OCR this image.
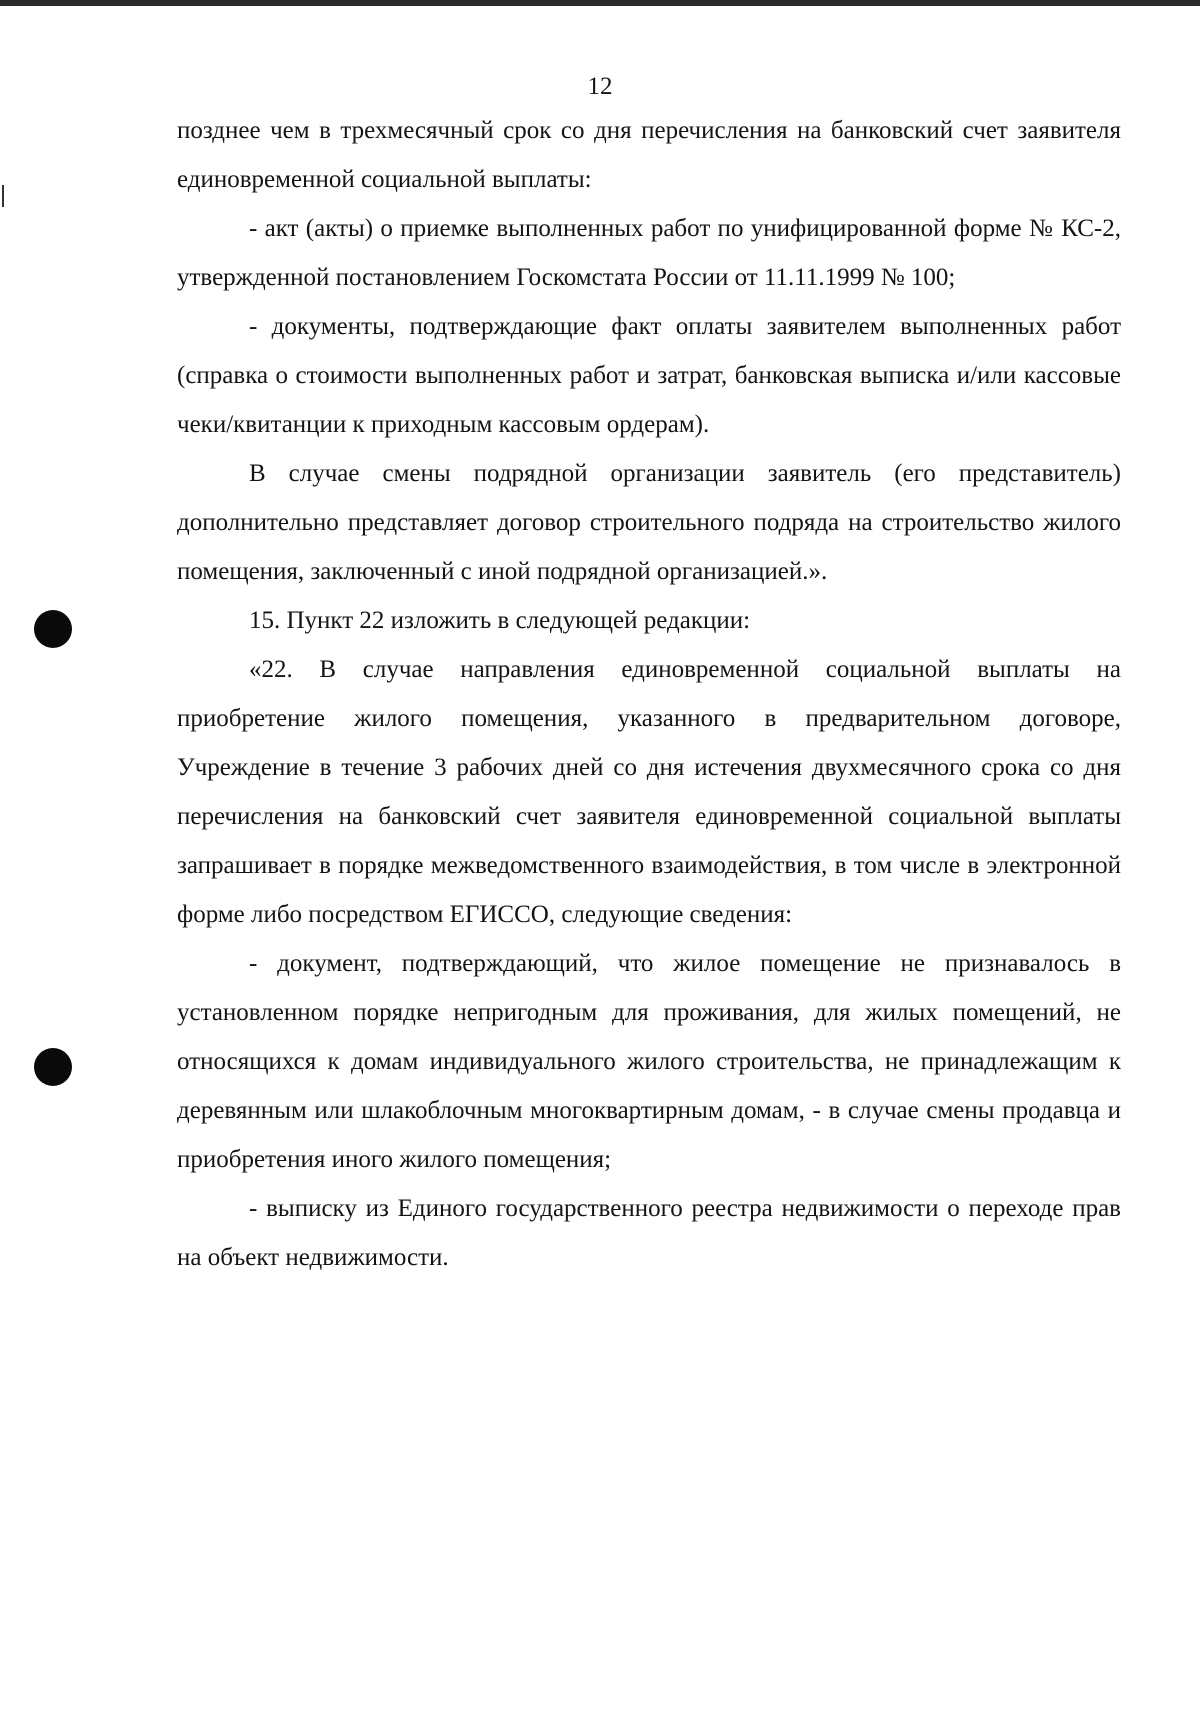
12

позднее чем в трехмесячный срок со дня перечисления на банковский счет заявителя единовременной социальной выплаты:

- акт (акты) о приемке выполненных работ по унифицированной форме № КС-2, утвержденной постановлением Госкомстата России от 11.11.1999 № 100;

- документы, подтверждающие факт оплаты заявителем выполненных работ (справка о стоимости выполненных работ и затрат, банковская выписка и/или кассовые чеки/квитанции к приходным кассовым ордерам).

В случае смены подрядной организации заявитель (его представитель) дополнительно представляет договор строительного подряда на строительство жилого помещения, заключенный с иной подрядной организацией.».

15. Пункт 22 изложить в следующей редакции:

«22. В случае направления единовременной социальной выплаты на приобретение жилого помещения, указанного в предварительном договоре, Учреждение в течение 3 рабочих дней со дня истечения двухмесячного срока со дня перечисления на банковский счет заявителя единовременной социальной выплаты запрашивает в порядке межведомственного взаимодействия, в том числе в электронной форме либо посредством ЕГИССО, следующие сведения:

- документ, подтверждающий, что жилое помещение не признавалось в установленном порядке непригодным для проживания, для жилых помещений, не относящихся к домам индивидуального жилого строительства, не принадлежащим к деревянным или шлакоблочным многоквартирным домам, - в случае смены продавца и приобретения иного жилого помещения;

- выписку из Единого государственного реестра недвижимости о переходе прав на объект недвижимости.
